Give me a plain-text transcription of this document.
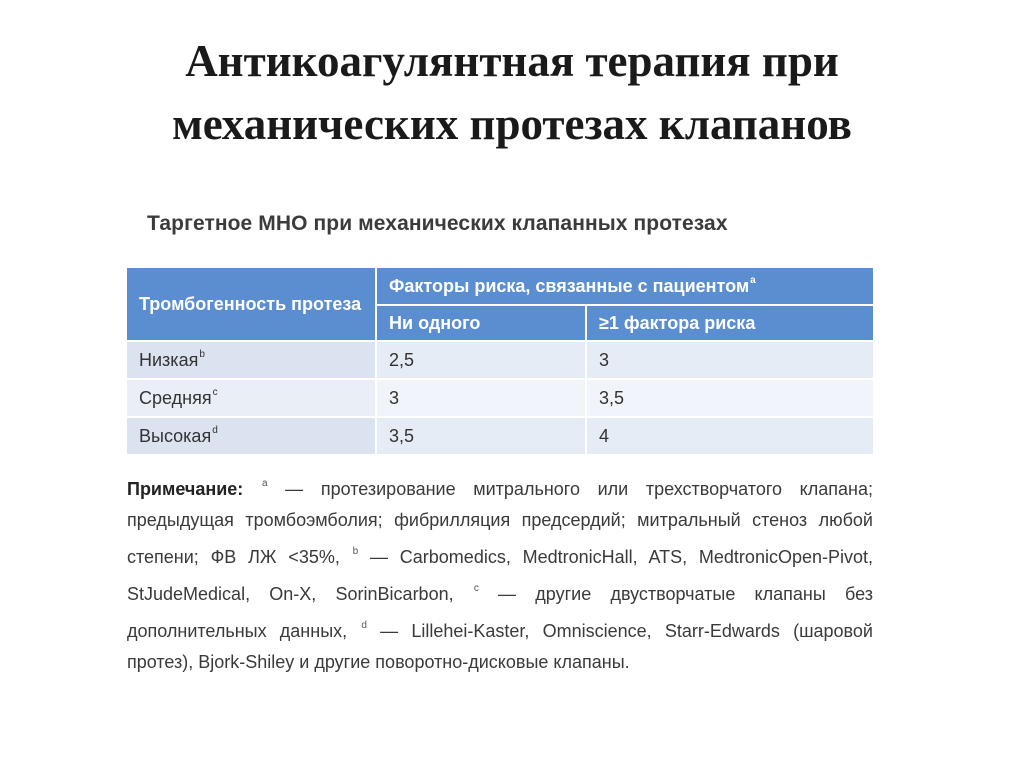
Антикоагулянтная терапия при
механических протезах клапанов
Таргетное МНО при механических клапанных протезах
Тромбогенность протеза	Факторы риска, связанные с пациентом$^a$
	Ни одного	≥1 фактора риска
Низкая$^b$	2,5	3
Средняя$^c$	3	3,5
Высокая$^d$	3,5	4
Примечание: $^a$ — протезирование митрального или трехстворчатого клапана; предыдущая тромбоэмболия; фибрилляция предсердий; митральный стеноз любой степени; ФВ ЛЖ <35%, $^b$ — Carbomedics, MedtronicHall, ATS, MedtronicOpen-Pivot, StJudeMedical, On-X, SorinBicarbon, $^c$ — другие двустворчатые клапаны без дополнительных данных, $^d$ — Lillehei-Kaster, Omniscience, Starr-Edwards (шаровой протез), Bjork-Shiley и другие поворотно-дисковые клапаны.
